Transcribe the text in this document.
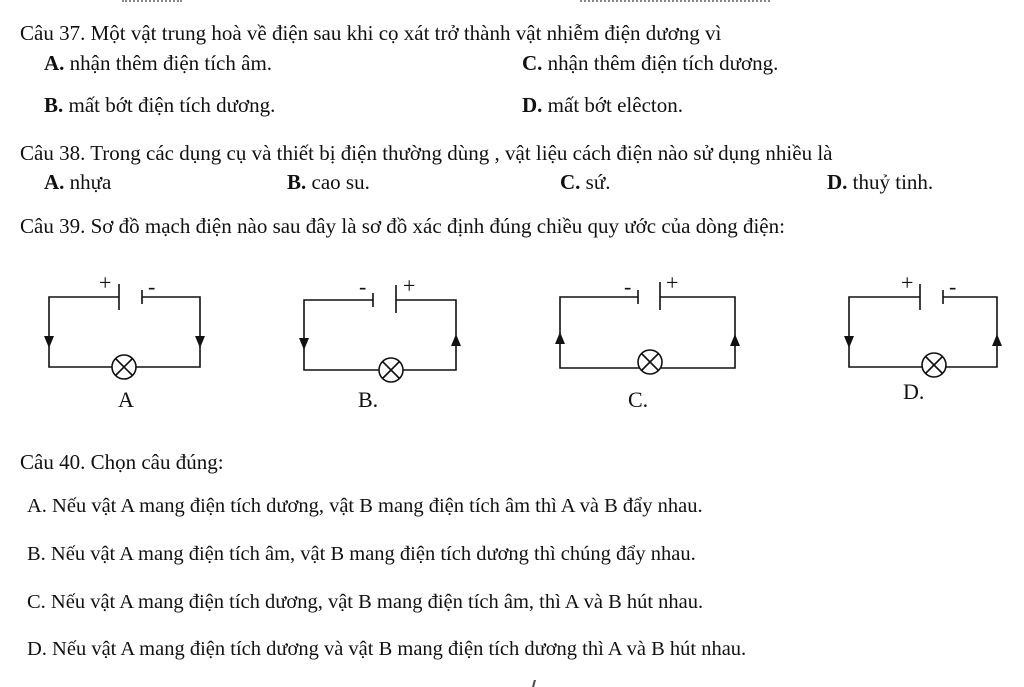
Câu 37. Một vật trung hoà về điện sau khi cọ xát trở thành vật nhiễm điện dương vì
A. nhận thêm điện tích âm.	C. nhận thêm điện tích dương.
B. mất bớt điện tích dương.	D. mất bớt elêcton.
Câu 38. Trong các dụng cụ và thiết bị điện thường dùng , vật liệu cách điện nào sử dụng nhiều là
A. nhựa	B. cao su.	C. sứ.	D. thuỷ tinh.
Câu 39. Sơ đồ mạch điện nào sau đây là sơ đồ xác định đúng chiều quy ước của dòng điện:
+ -
A
- +
B.
- +
C.
+ -
D.
Câu 40. Chọn câu đúng:
A. Nếu vật A mang điện tích dương, vật B mang điện tích âm thì A và B đẩy nhau.
B. Nếu vật A mang điện tích âm, vật B mang điện tích dương thì chúng đẩy nhau.
C. Nếu vật A mang điện tích dương, vật B mang điện tích âm, thì A và B hút nhau.
D. Nếu vật A mang điện tích dương và vật B mang điện tích dương thì A và B hút nhau.
